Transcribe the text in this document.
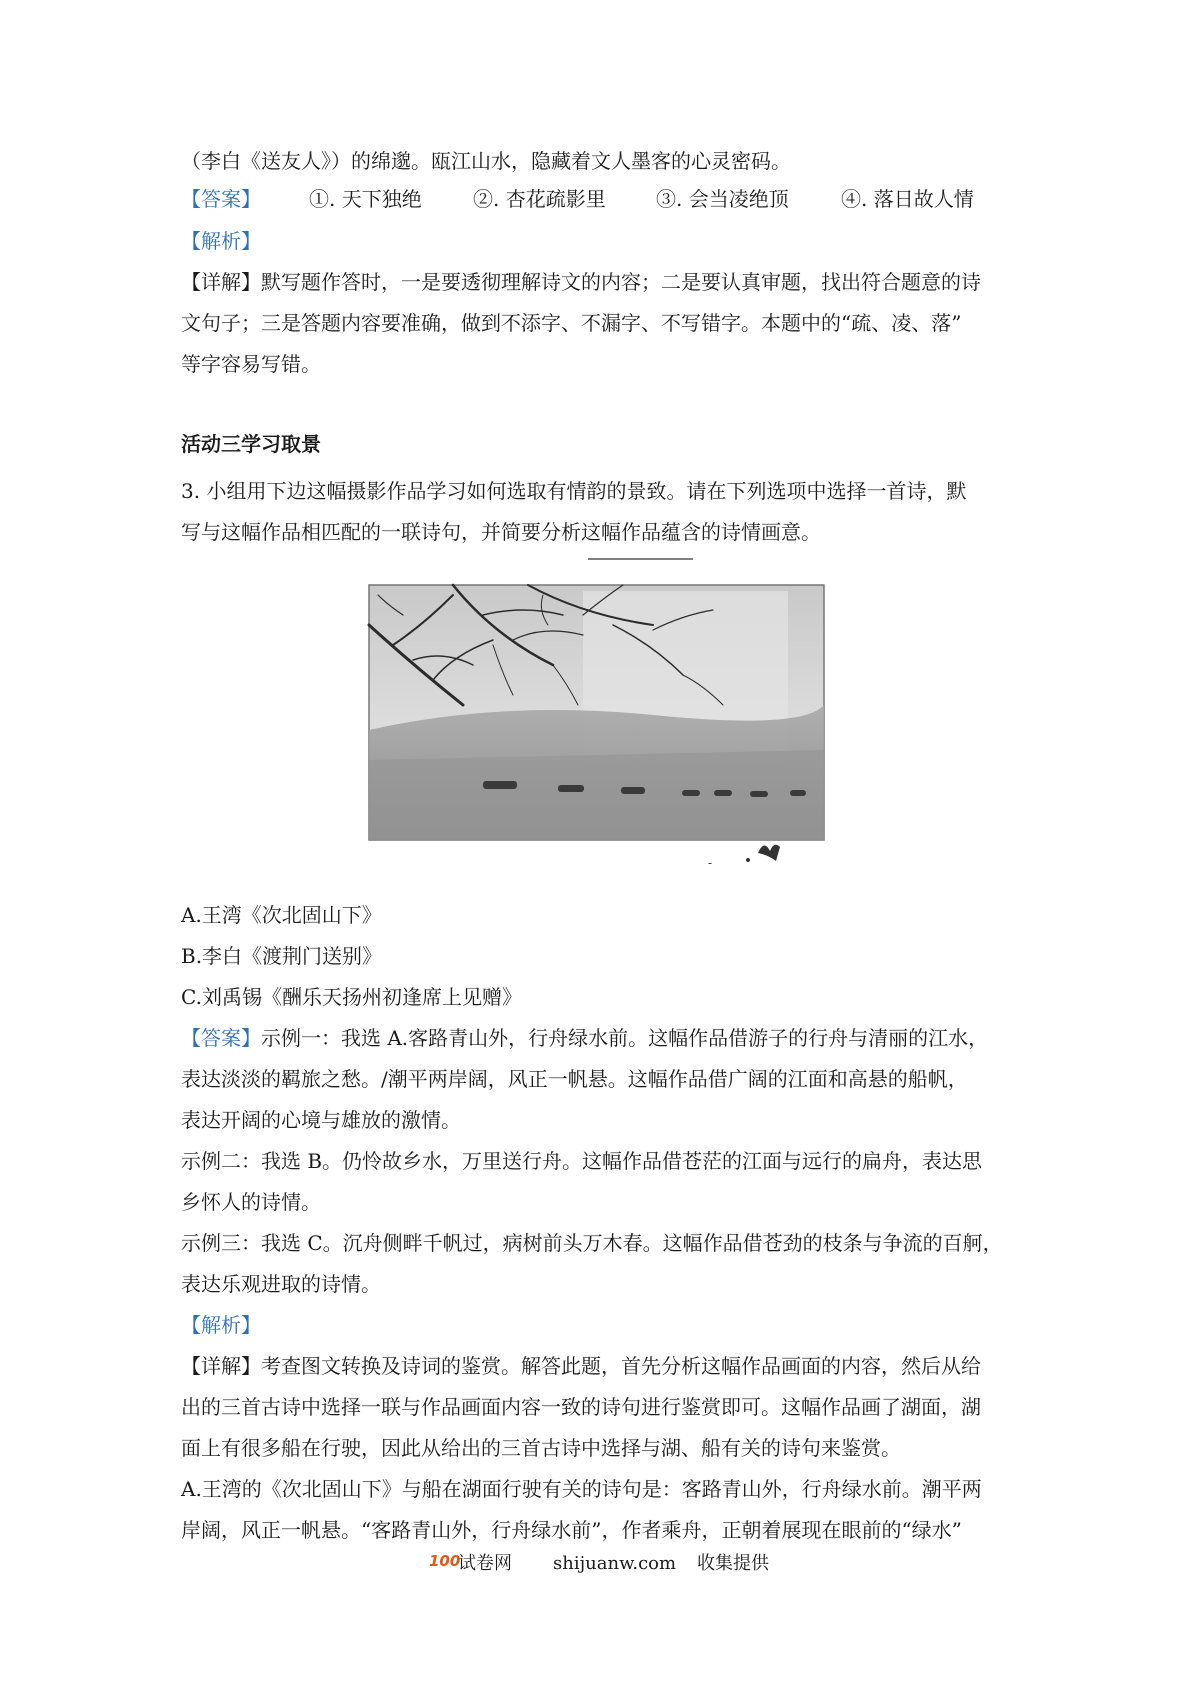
（李白《送友人》）的绵邈。瓯江山水，隐藏着文人墨客的心灵密码。
【答案】 ①. 天下独绝	②. 杏花疏影里	③. 会当凌绝顶	④. 落日故人情
【解析】
【详解】默写题作答时，一是要透彻理解诗文的内容；二是要认真审题，找出符合题意的诗
文句子；三是答题内容要准确，做到不添字、不漏字、不写错字。本题中的“疏、凌、落”
等字容易写错。
活动三学习取景
3. 小组用下边这幅摄影作品学习如何选取有情韵的景致。请在下列选项中选择一首诗，默
写与这幅作品相匹配的一联诗句，并简要分析这幅作品蕴含的诗情画意。
-
A.王湾《次北固山下》
B.李白《渡荆门送别》
C.刘禹锡《酬乐天扬州初逢席上见赠》
【答案】示例一：我选 A.客路青山外，行舟绿水前。这幅作品借游子的行舟与清丽的江水，
表达淡淡的羁旅之愁。/潮平两岸阔，风正一帆悬。这幅作品借广阔的江面和高悬的船帆，
表达开阔的心境与雄放的激情。
示例二：我选 B。仍怜故乡水，万里送行舟。这幅作品借苍茫的江面与远行的扁舟，表达思
乡怀人的诗情。
示例三：我选 C。沉舟侧畔千帆过，病树前头万木春。这幅作品借苍劲的枝条与争流的百舸，
表达乐观进取的诗情。
【解析】
【详解】考查图文转换及诗词的鉴赏。解答此题，首先分析这幅作品画面的内容，然后从给
出的三首古诗中选择一联与作品画面内容一致的诗句进行鉴赏即可。这幅作品画了湖面，湖
面上有很多船在行驶，因此从给出的三首古诗中选择与湖、船有关的诗句来鉴赏。
A.王湾的《次北固山下》与船在湖面行驶有关的诗句是：客路青山外，行舟绿水前。潮平两
岸阔，风正一帆悬。“客路青山外，行舟绿水前”，作者乘舟，正朝着展现在眼前的“绿水”
100
试卷网 shijuanw.com 收集提供
